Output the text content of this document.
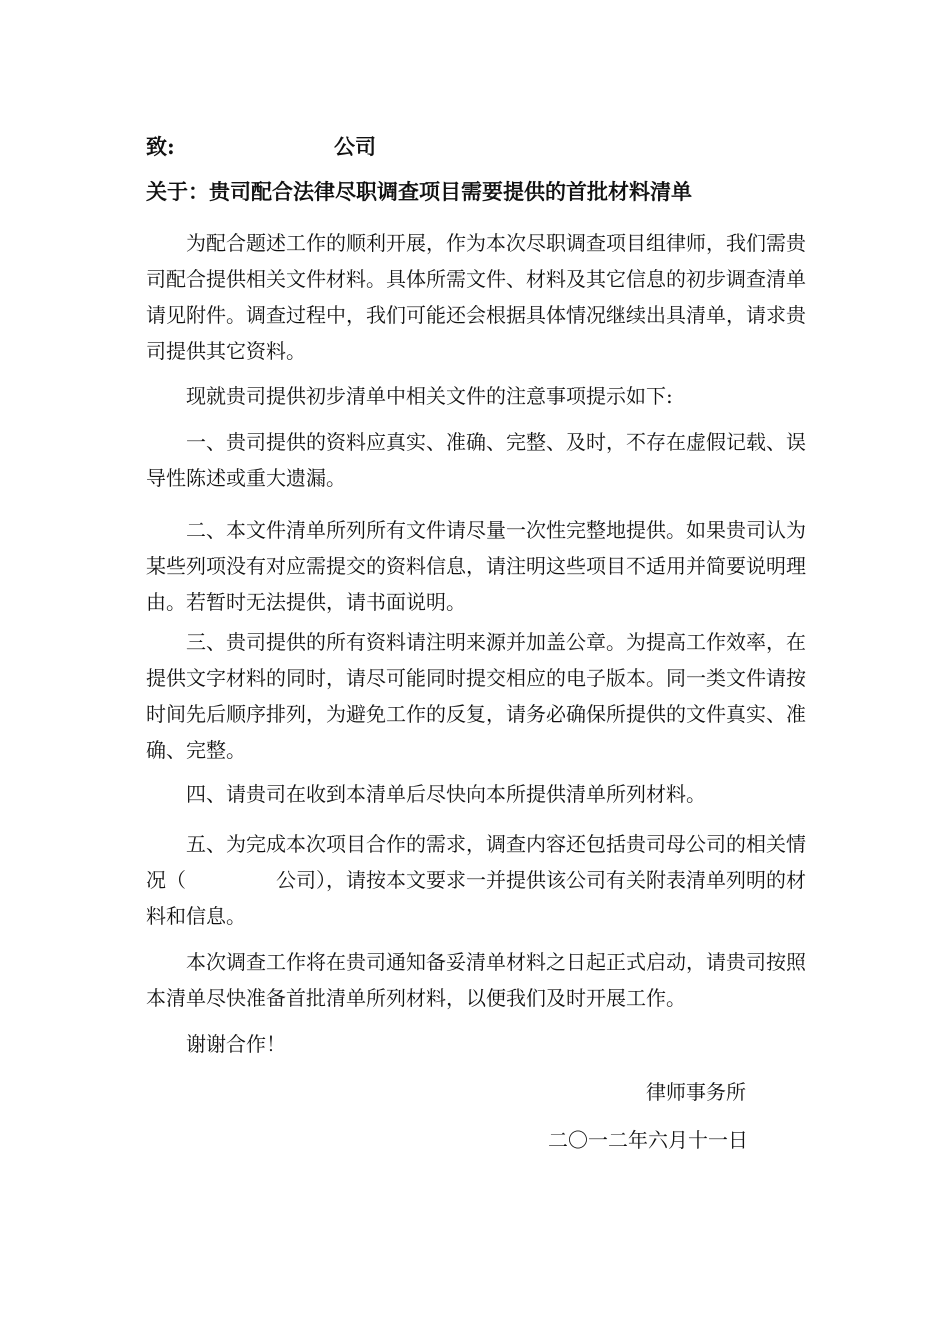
致:	公司
关于：贵司配合法律尽职调查项目需要提供的首批材料清单

为配合题述工作的顺利开展，作为本次尽职调查项目组律师，我们需贵司配合提供相关文件材料。具体所需文件、材料及其它信息的初步调查清单请见附件。调查过程中，我们可能还会根据具体情况继续出具清单，请求贵司提供其它资料。

现就贵司提供初步清单中相关文件的注意事项提示如下:

一、贵司提供的资料应真实、准确、完整、及时，不存在虚假记载、误导性陈述或重大遗漏。

二、本文件清单所列所有文件请尽量一次性完整地提供。如果贵司认为某些列项没有对应需提交的资料信息，请注明这些项目不适用并简要说明理由。若暂时无法提供，请书面说明。

三、贵司提供的所有资料请注明来源并加盖公章。为提高工作效率，在提供文字材料的同时，请尽可能同时提交相应的电子版本。同一类文件请按时间先后顺序排列，为避免工作的反复，请务必确保所提供的文件真实、准确、完整。

四、请贵司在收到本清单后尽快向本所提供清单所列材料。

五、为完成本次项目合作的需求，调查内容还包括贵司母公司的相关情况（	公司），请按本文要求一并提供该公司有关附表清单列明的材料和信息。

本次调查工作将在贵司通知备妥清单材料之日起正式启动，请贵司按照本清单尽快准备首批清单所列材料，以便我们及时开展工作。

谢谢合作！

律师事务所
二〇一二年六月十一日
